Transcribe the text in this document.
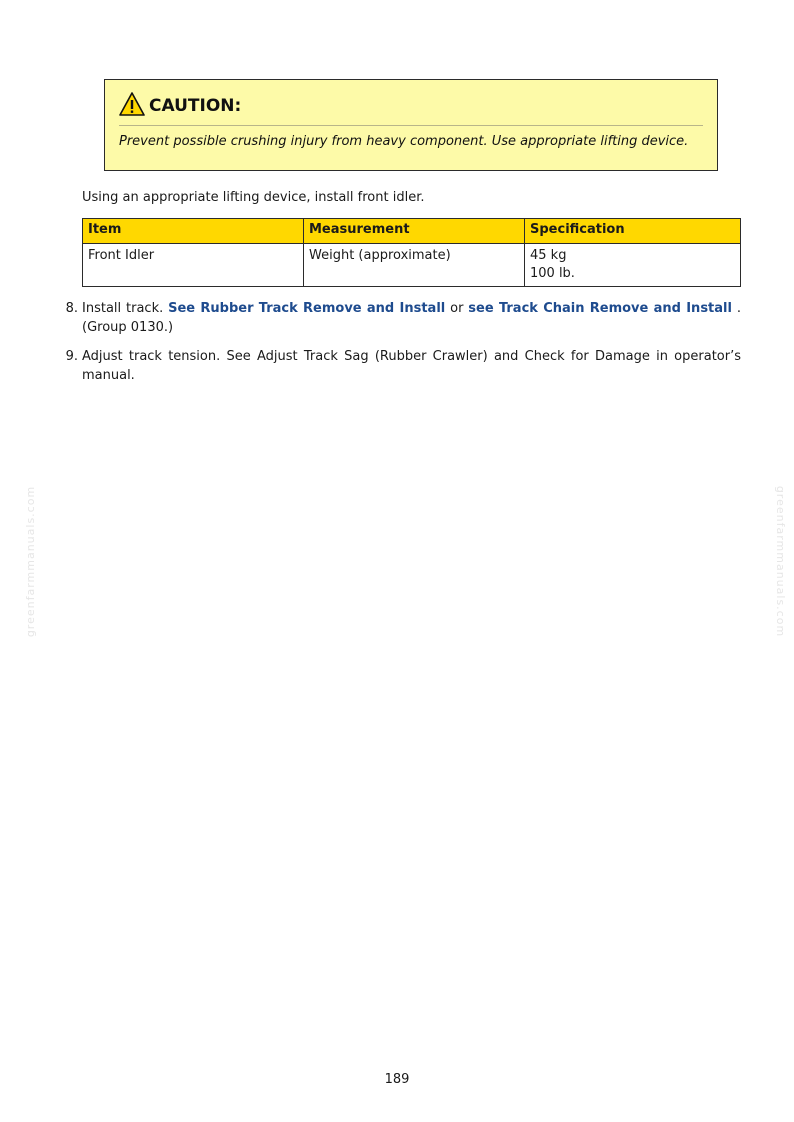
CAUTION:
Prevent possible crushing injury from heavy component. Use appropriate lifting device.
Using an appropriate lifting device, install front idler.
Item	Measurement	Specification
Front Idler	Weight (approximate)	45 kg
100 lb.
8. Install track. See Rubber Track Remove and Install or see Track Chain Remove and Install . (Group 0130.)
9. Adjust track tension. See Adjust Track Sag (Rubber Crawler) and Check for Damage in operator’s manual.
greenfarmmanuals.com	greenfarmmanuals.com
189
